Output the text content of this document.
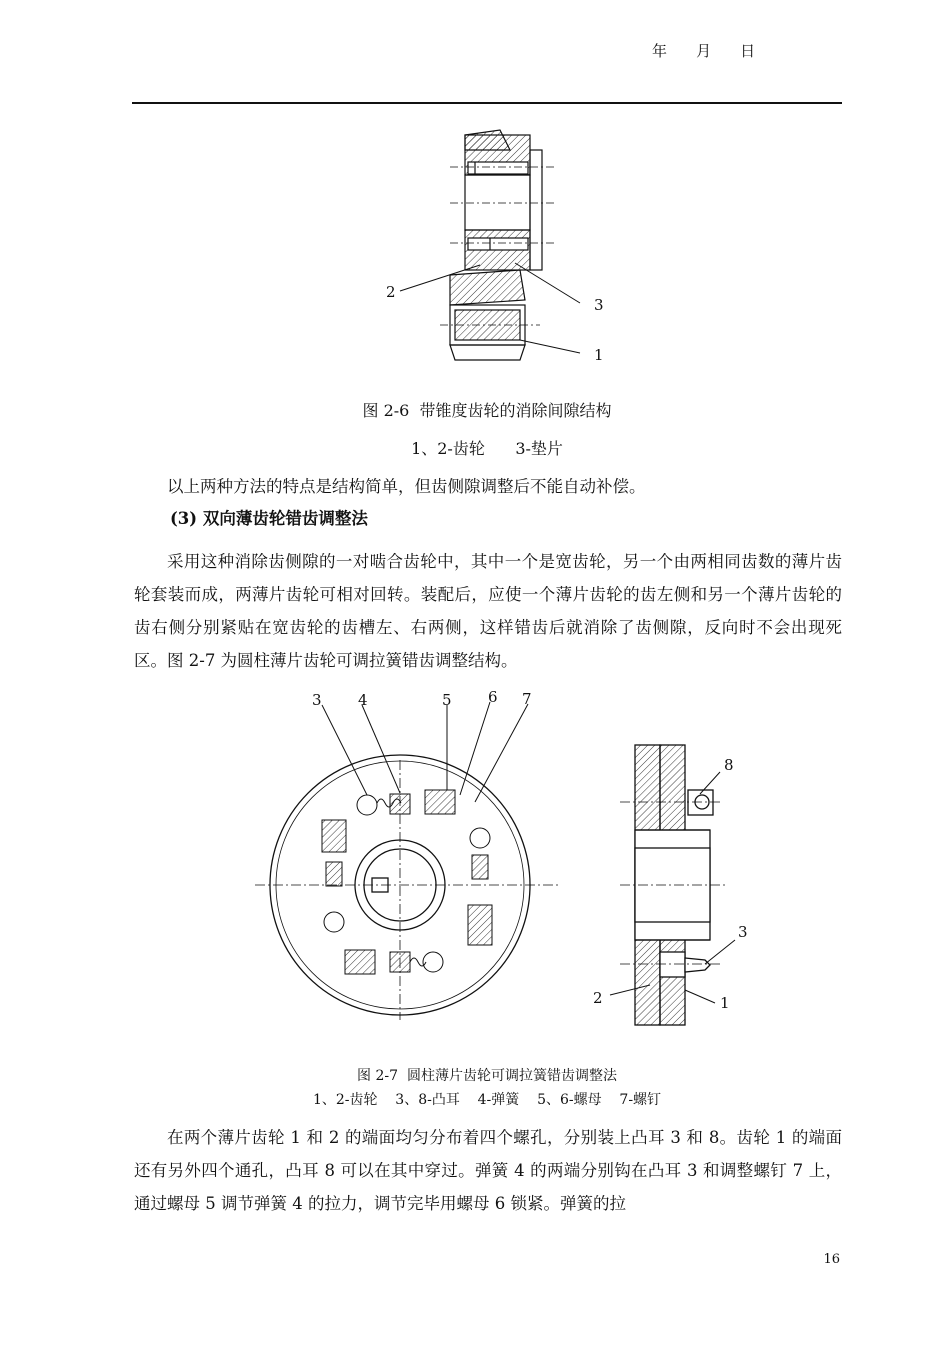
年    月    日
2
3
1
图 2-6  带锥度齿轮的消除间隙结构
1、2-齿轮      3-垫片
以上两种方法的特点是结构简单，但齿侧隙调整后不能自动补偿。
(3) 双向薄齿轮错齿调整法
采用这种消除齿侧隙的一对啮合齿轮中，其中一个是宽齿轮，另一个由两相同齿数的薄片齿轮套装而成，两薄片齿轮可相对回转。装配后，应使一个薄片齿轮的齿左侧和另一个薄片齿轮的齿右侧分别紧贴在宽齿轮的齿槽左、右两侧，这样错齿后就消除了齿侧隙，反向时不会出现死区。图 2-7 为圆柱薄片齿轮可调拉簧错齿调整结构。
3 4	5 6 7
8
3
2	1
图 2-7  圆柱薄片齿轮可调拉簧错齿调整法
1、2-齿轮    3、8-凸耳    4-弹簧    5、6-螺母    7-螺钉
在两个薄片齿轮 1 和 2 的端面均匀分布着四个螺孔，分别装上凸耳 3 和 8。齿轮 1 的端面还有另外四个通孔，凸耳 8 可以在其中穿过。弹簧 4 的两端分别钩在凸耳 3 和调整螺钉 7 上，通过螺母 5 调节弹簧 4 的拉力，调节完毕用螺母 6 锁紧。弹簧的拉
16
